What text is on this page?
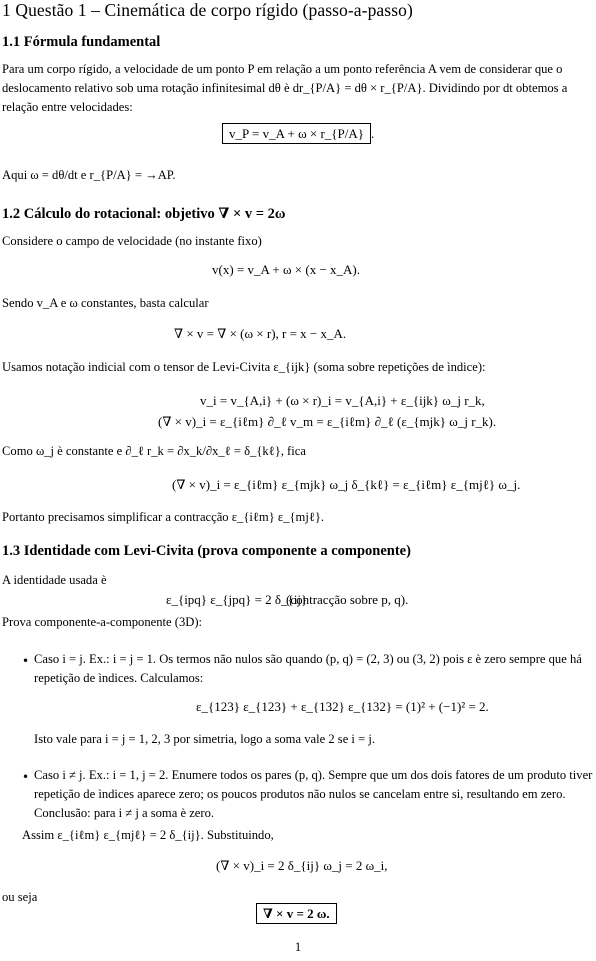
1 Questão 1 – Cinemática de corpo rígido (passo-a-passo)
1.1 Fórmula fundamental
Para um corpo rígido, a velocidade de um ponto P em relação a um ponto referência A vem de considerar que o deslocamento relativo sob uma rotação infinitesimal dθ è dr_{P/A} = dθ × r_{P/A}. Dividindo por dt obtemos a relação entre velocidades:
v_P = v_A + ω × r_{P/A} .
Aqui ω = dθ/dt e r_{P/A} = →AP.
1.2 Cálculo do rotacional: objetivo ∇ × v = 2ω
Considere o campo de velocidade (no instante fixo)
v(x) = v_A + ω × (x − x_A).
Sendo v_A e ω constantes, basta calcular
∇ × v = ∇ × (ω × r), r = x − x_A.
Usamos notação indicial com o tensor de Levi-Civita ε_{ijk} (soma sobre repetições de ìndice):
v_i = v_{A,i} + (ω × r)_i = v_{A,i} + ε_{ijk} ω_j r_k,
(∇ × v)_i = ε_{iℓm} ∂_ℓ v_m = ε_{iℓm} ∂_ℓ (ε_{mjk} ω_j r_k).
Como ω_j è constante e ∂_ℓ r_k = ∂x_k/∂x_ℓ = δ_{kℓ}, fica
(∇ × v)_i = ε_{iℓm} ε_{mjk} ω_j δ_{kℓ} = ε_{iℓm} ε_{mjℓ} ω_j.
Portanto precisamos simplificar a contracção ε_{iℓm} ε_{mjℓ}.
1.3 Identidade com Levi-Civita (prova componente a componente)
A identidade usada è
ε_{ipq} ε_{jpq} = 2 δ_{ij}
(contracção sobre p, q).
Prova componente-a-componente (3D):
• Caso i = j. Ex.: i = j = 1. Os termos não nulos são quando (p, q) = (2, 3) ou (3, 2) pois ε è zero sempre que há repetição de ìndices. Calculamos:
ε_{123} ε_{123} + ε_{132} ε_{132} = (1)² + (−1)² = 2.
Isto vale para i = j = 1, 2, 3 por simetria, logo a soma vale 2 se i = j.
• Caso i ≠ j. Ex.: i = 1, j = 2. Enumere todos os pares (p, q). Sempre que um dos dois fatores de um produto tiver repetição de ìndices aparece zero; os poucos produtos não nulos se cancelam entre si, resultando em zero. Conclusão: para i ≠ j a soma è zero.
Assim ε_{iℓm} ε_{mjℓ} = 2 δ_{ij}. Substituindo,
(∇ × v)_i = 2 δ_{ij} ω_j = 2 ω_i,
ou seja
∇ × v = 2 ω.
1
